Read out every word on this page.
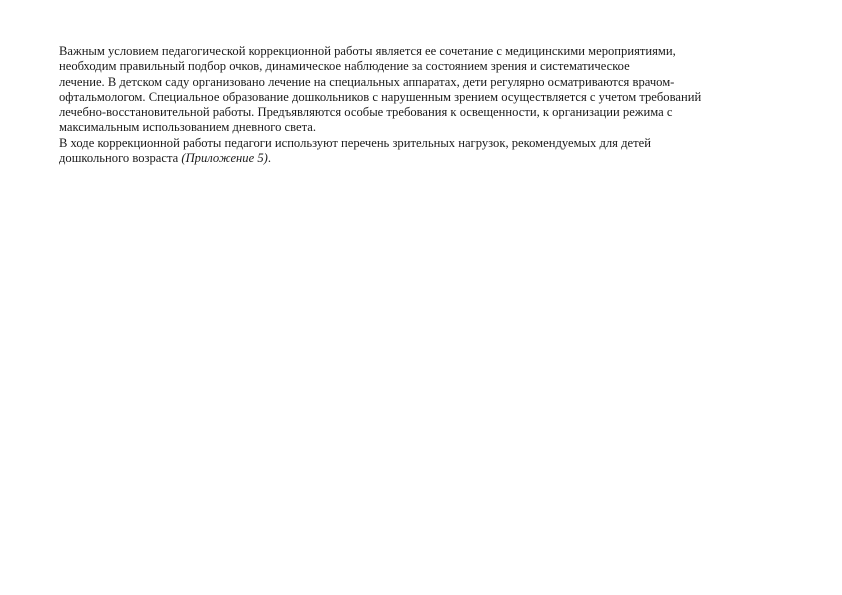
Важным условием педагогической коррекционной работы является ее сочетание с медицинскими мероприятиями,
необходим правильный подбор очков, динамическое наблюдение за состоянием зрения и систематическое
лечение. В детском саду организовано лечение на специальных аппаратах, дети регулярно осматриваются врачом-
офтальмологом. Специальное образование дошкольников с нарушенным зрением осуществляется с учетом требований
лечебно-восстановительной работы. Предъявляются особые требования к освещенности, к организации режима с
максимальным использованием дневного света.
В ходе коррекционной работы педагоги используют перечень зрительных нагрузок, рекомендуемых для детей
дошкольного возраста (Приложение 5).
